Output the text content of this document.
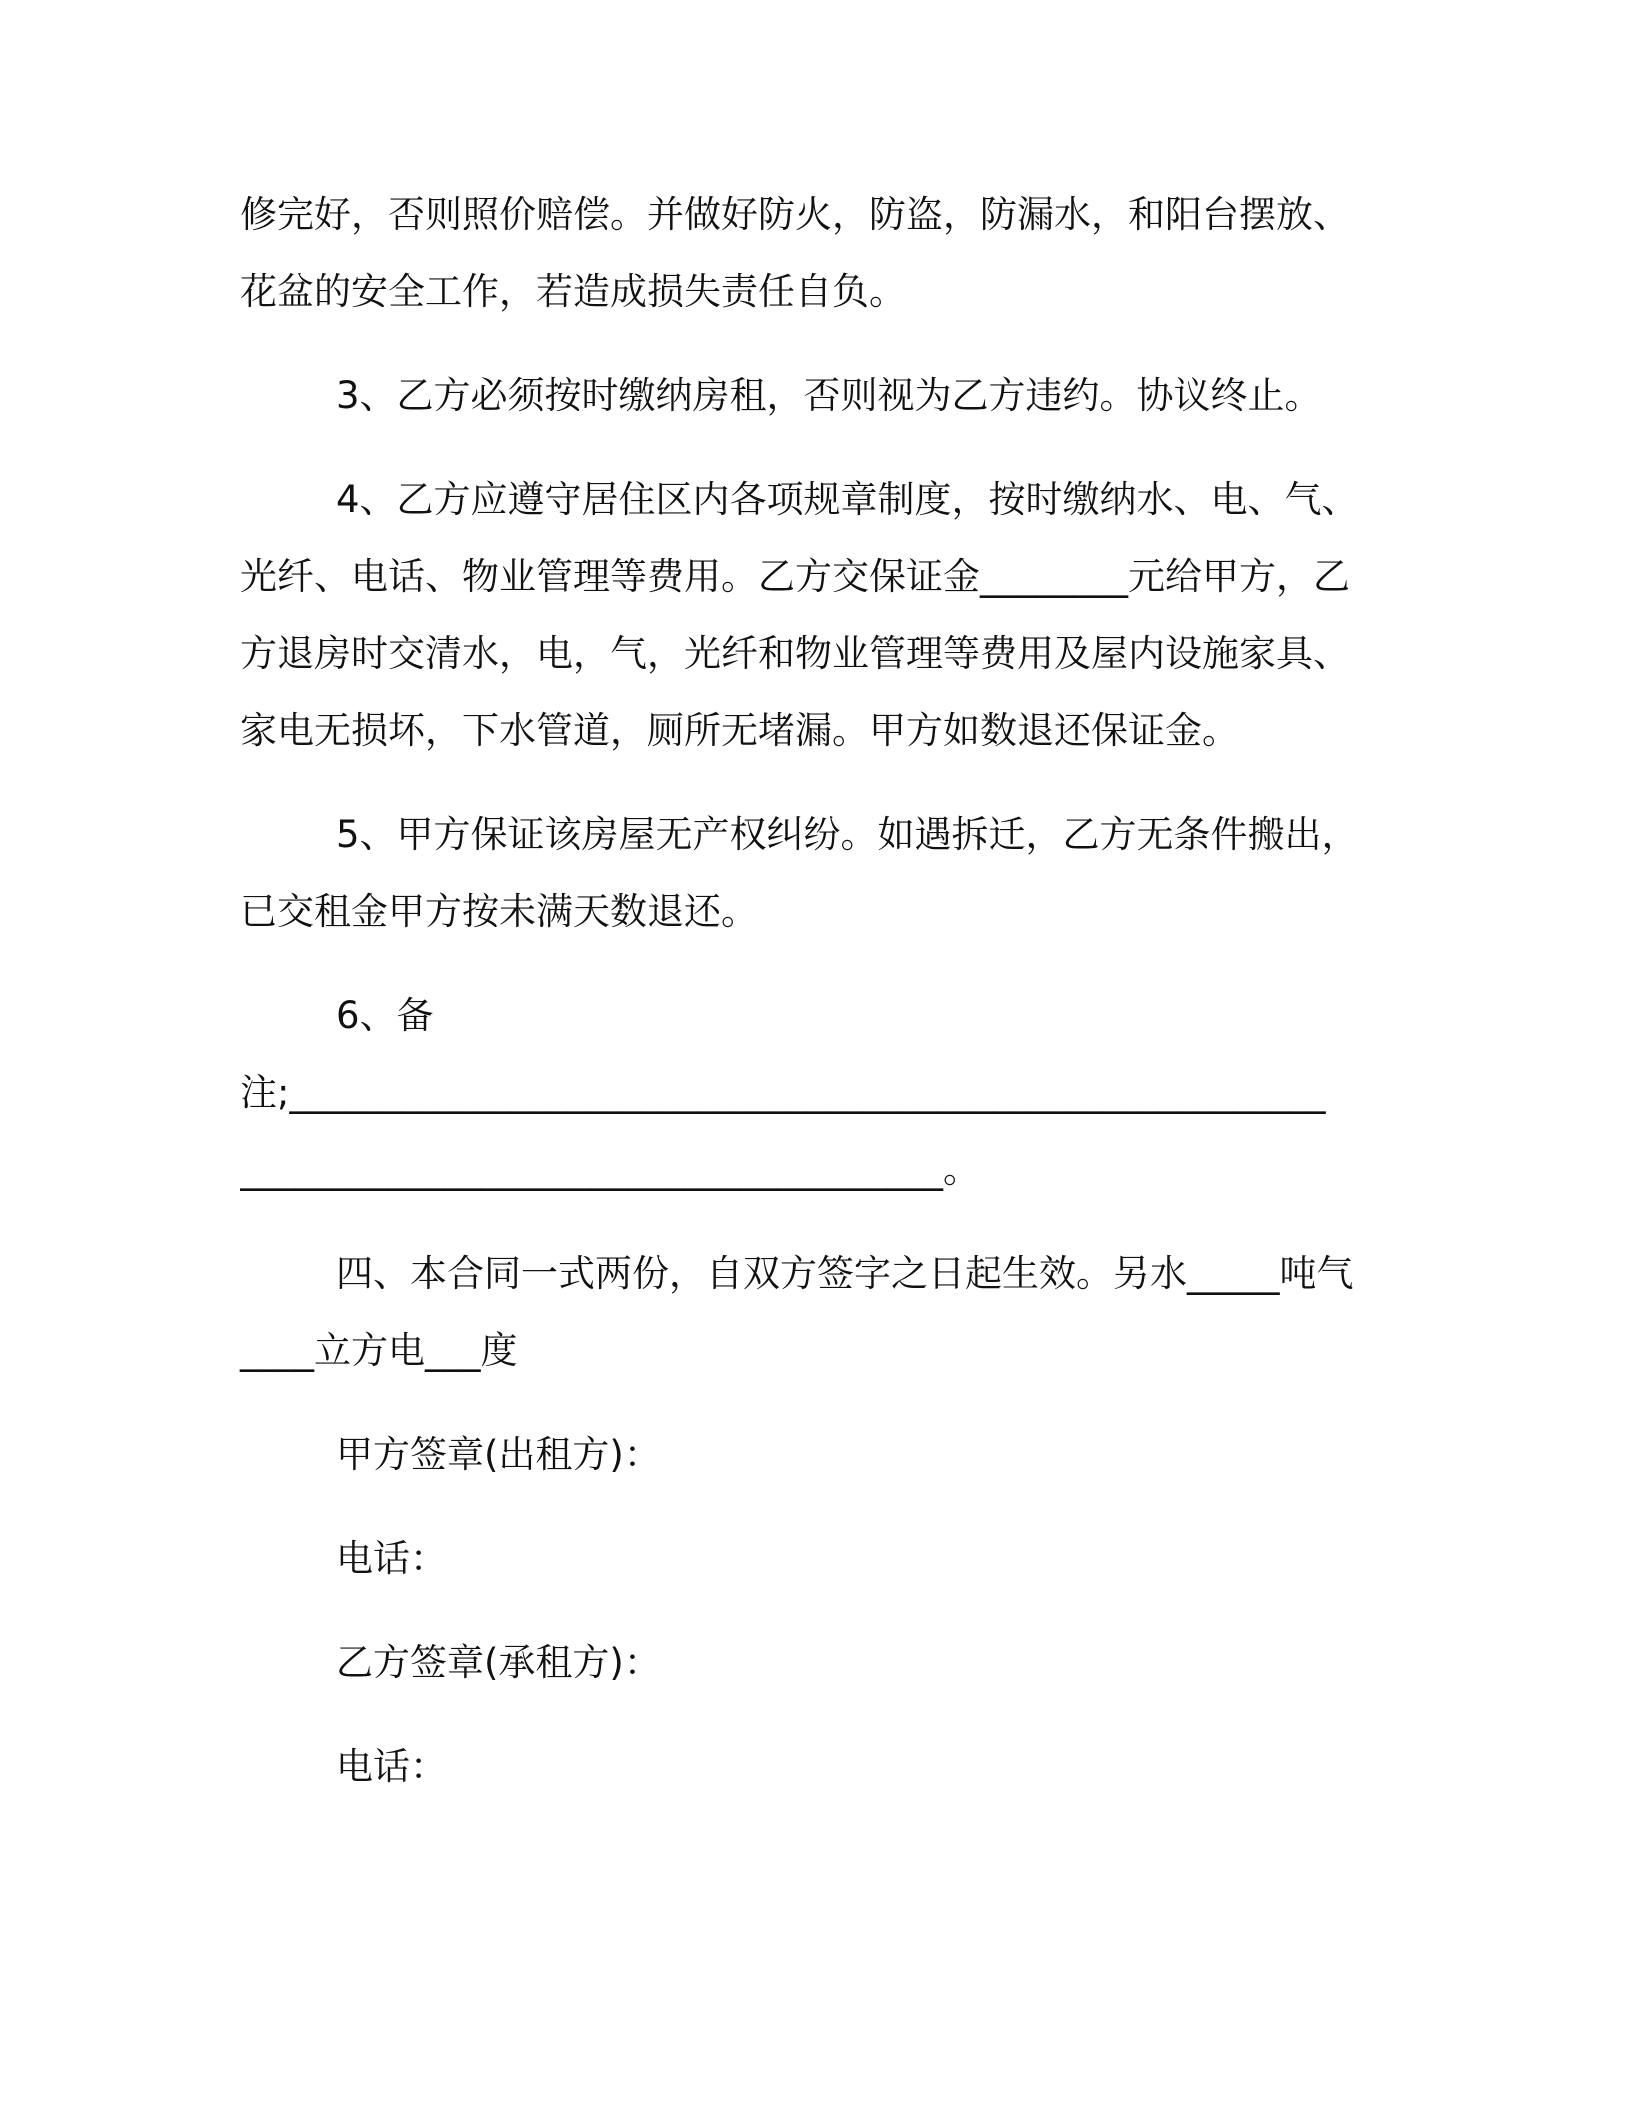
修完好，否则照价赔偿。并做好防火，防盗，防漏水，和阳台摆放、

花盆的安全工作，若造成损失责任自负。

3、乙方必须按时缴纳房租，否则视为乙方违约。协议终止。

4、乙方应遵守居住区内各项规章制度，按时缴纳水、电、气、

光纤、电话、物业管理等费用。乙方交保证金________元给甲方，乙

方退房时交清水，电，气，光纤和物业管理等费用及屋内设施家具、

家电无损坏，下水管道，厕所无堵漏。甲方如数退还保证金。

5、甲方保证该房屋无产权纠纷。如遇拆迁，乙方无条件搬出，

已交租金甲方按未满天数退还。

6、备

注;________________________________________________________

______________________________________。

四、本合同一式两份，自双方签字之日起生效。另水_____吨气

____立方电___度

甲方签章(出租方)：

电话：

乙方签章(承租方)：

电话：
